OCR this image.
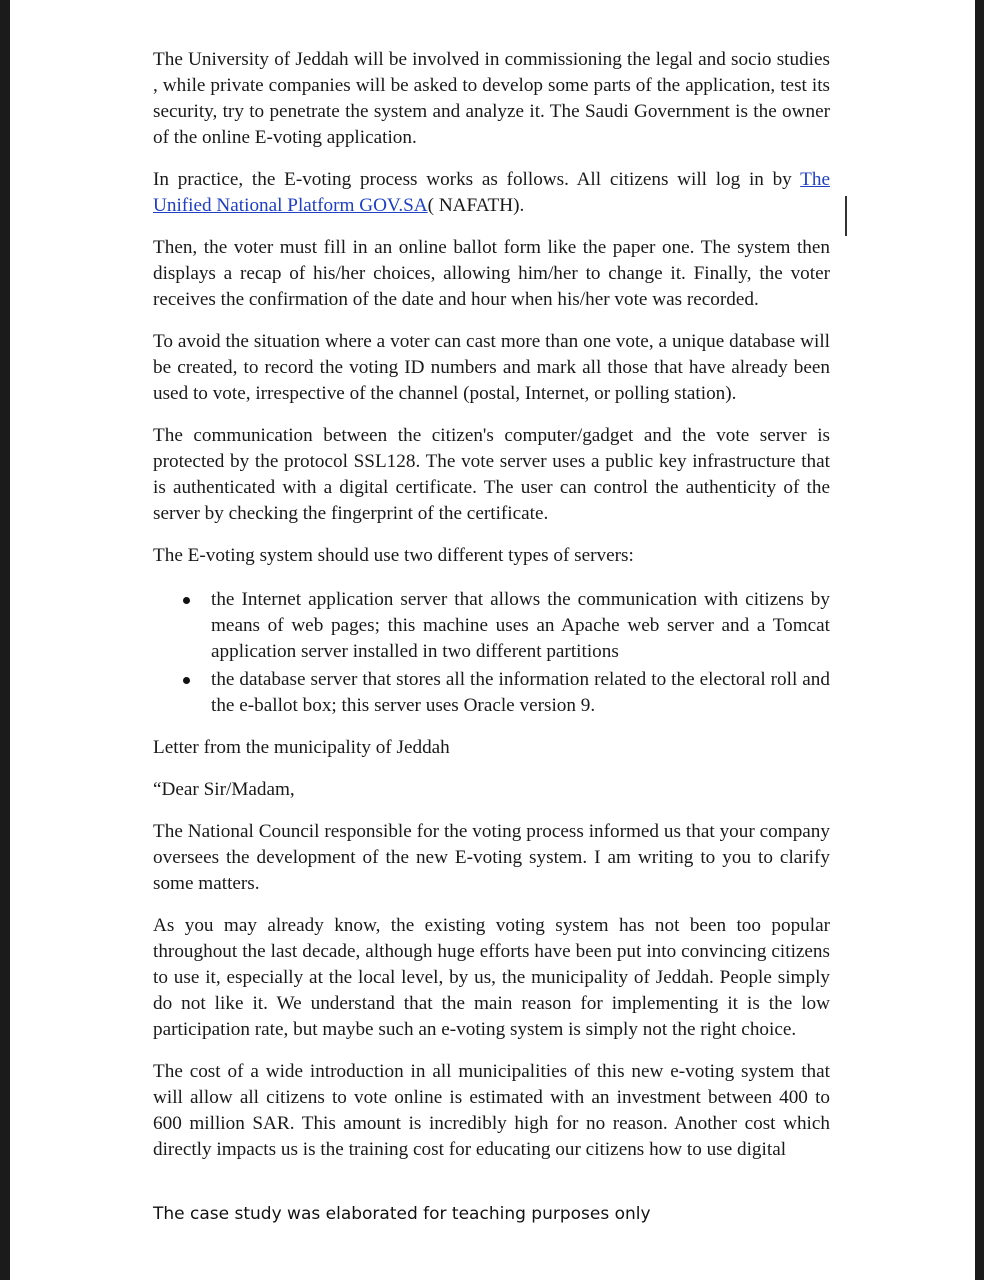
The University of Jeddah will be involved in commissioning the legal and socio studies , while private companies will be asked to develop some parts of the application, test its security, try to penetrate the system and analyze it. The Saudi Government is the owner of the online E-voting application.

In practice, the E-voting process works as follows. All citizens will log in by The Unified National Platform GOV.SA( NAFATH).

Then, the voter must fill in an online ballot form like the paper one. The system then displays a recap of his/her choices, allowing him/her to change it. Finally, the voter receives the confirmation of the date and hour when his/her vote was recorded.

To avoid the situation where a voter can cast more than one vote, a unique database will be created, to record the voting ID numbers and mark all those that have already been used to vote, irrespective of the channel (postal, Internet, or polling station).

The communication between the citizen's computer/gadget and the vote server is protected by the protocol SSL128. The vote server uses a public key infrastructure that is authenticated with a digital certificate. The user can control the authenticity of the server by checking the fingerprint of the certificate.

The E-voting system should use two different types of servers:

the Internet application server that allows the communication with citizens by means of web pages; this machine uses an Apache web server and a Tomcat application server installed in two different partitions
the database server that stores all the information related to the electoral roll and the e-ballot box; this server uses Oracle version 9.

Letter from the municipality of Jeddah

“Dear Sir/Madam,

The National Council responsible for the voting process informed us that your company oversees the development of the new E-voting system. I am writing to you to clarify some matters.

As you may already know, the existing voting system has not been too popular throughout the last decade, although huge efforts have been put into convincing citizens to use it, especially at the local level, by us, the municipality of Jeddah. People simply do not like it. We understand that the main reason for implementing it is the low participation rate, but maybe such an e-voting system is simply not the right choice.

The cost of a wide introduction in all municipalities of this new e-voting system that will allow all citizens to vote online is estimated with an investment between 400 to 600 million SAR. This amount is incredibly high for no reason. Another cost which directly impacts us is the training cost for educating our citizens how to use digital

The case study was elaborated for teaching purposes only
